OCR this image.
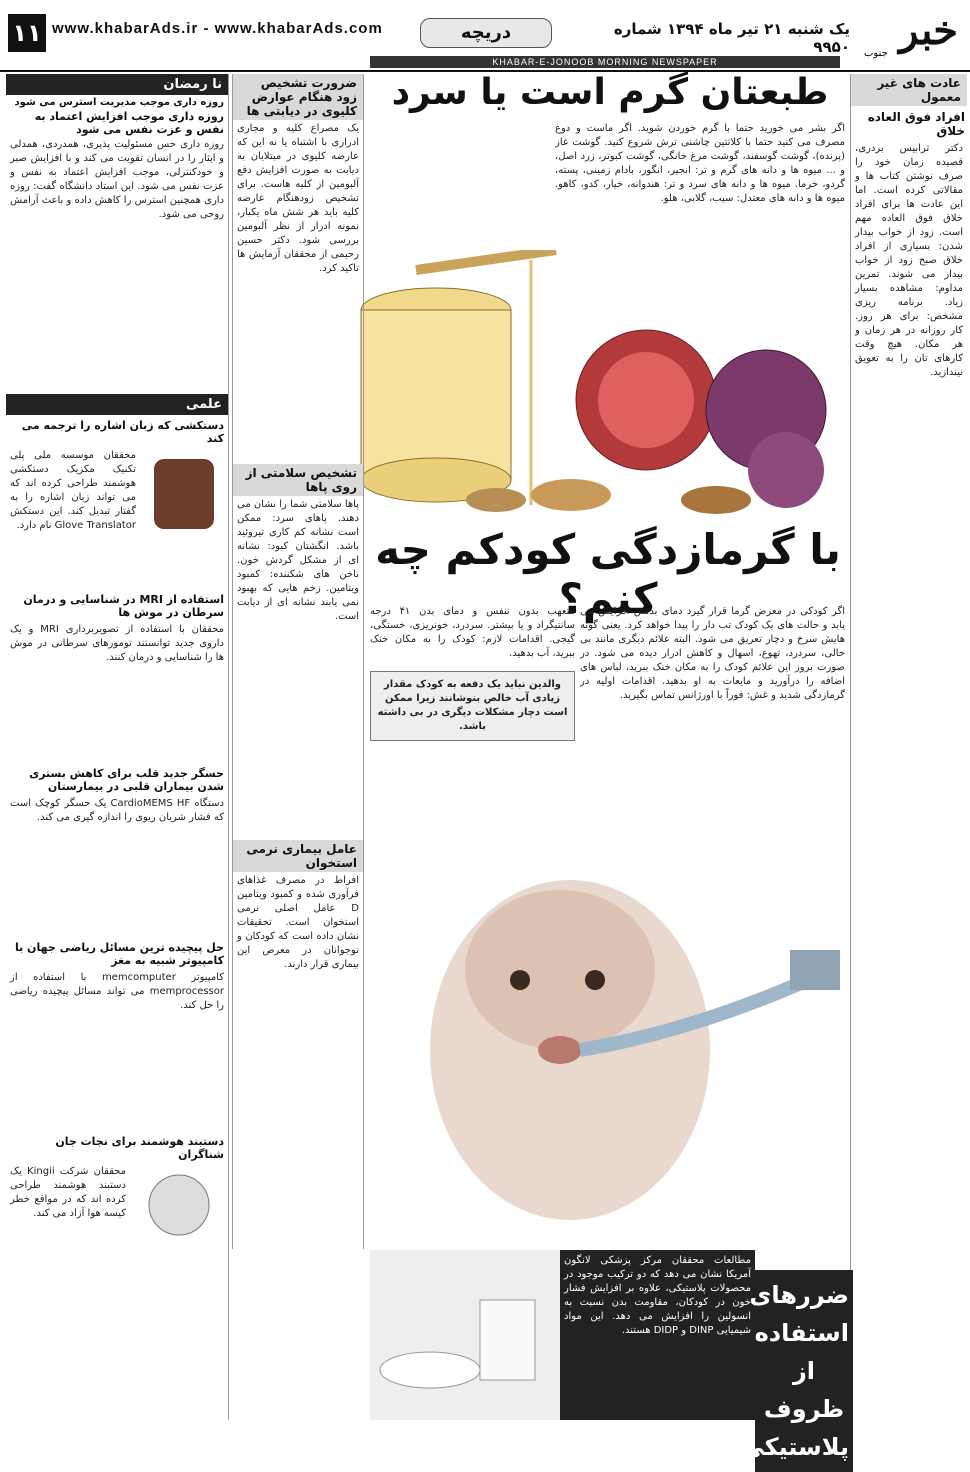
۱۱ www.khabarAds.ir - www.khabarAds.com	دریچه	یک شنبه ۲۱ تیر ماه ۱۳۹۴ شماره ۹۹۵۰ خبر
جنوب
KHABAR-E-JONOOB MORNING NEWSPAPER
عادت های غیر معمول
افراد فوق العاده خلاق
دکتر ترابیس بردری، قصیده زمان خود را صرف نوشتن کتاب ها و مقالاتی کرده است. اما این عادت ها برای افراد خلاق فوق العاده مهم است. زود از خواب بیدار شدن: بسیاری از افراد خلاق صبح زود از خواب بیدار می شوند. تمرین مداوم: مشاهده بسیار زیاد. برنامه ریزی مشخص: برای هر روز. کار روزانه در هر زمان و هر مکان. هیچ وقت کارهای تان را به تعویق نیندازید.
طبعتان گرم است یا سرد
اگر بشر می خورید حتما با گرم خوردن شوید. اگر ماست و دوغ مصرف می کنید حتما با کلاتتین چاشنی ترش شروع کنید. گوشت غاز (پرنده)، گوشت گوسفند، گوشت مرغ خانگی، گوشت کبوتر، زرد اصل، و ... میوه ها و دانه های گرم و تر: انجیر، انگور، بادام زمینی، پسته، گردو، خرما. میوه ها و دانه های سرد و تر: هندوانه، خیار، کدو، کاهو. میوه ها و دانه های معتدل: سیب، گلابی، هلو.
با گرمازدگی کودکم چه کنم؟
اگر کودکی در معرض گرما قرار گیرد دمای بدنش افزایش می یابد و حالت های یک کودک تب دار را پیدا خواهد کرد. یعنی گونه هایش سرخ و دچار تعریق می شود. البته علائم دیگری مانند بی حالی، سردرد، تهوع، اسهال و کاهش ادرار دیده می شود. در صورت بروز این علائم کودک را به مکان خنک ببرید، لباس های اضافه را درآورید و مایعات به او بدهید. اقدامات اولیه در گرمازدگی شدید و غش: فوراً با اورژانس تماس بگیرید.
متعهب بدون تنفس و دمای بدن ۴۱ درجه سانتیگراد و یا بیشتر. سردرد، خونریزی، خستگی، گیجی. اقدامات لازم: کودک را به مکان خنک ببرید، آب بدهید.
والدین نباید یک دفعه به کودک مقدار زیادی آب خالص بنوشانند زیرا ممکن است دچار مشکلات دیگری در بی داشته باشد.
ضرورت تشخیص زود هنگام عوارض کلیوی در دیابتی ها
یک مصراع کلیه و مجاری ادراری با اشتباه یا نه این که عارضه کلیوی در مبتلایان به دیابت به صورت افزایش دفع آلبومین از کلیه هاست. برای تشخیص زودهنگام عارضه کلیه باید هر شش ماه یکبار، نمونه ادرار از نظر آلبومین بررسی شود. دکتر حسین رحیمی از محققان آزمایش ها تاکید کرد.
تشخیص سلامتی از روی پاها
پاها سلامتی شما را نشان می دهند. پاهای سرد: ممکن است نشانه کم کاری تیروئید باشد. انگشتان کبود: نشانه ای از مشکل گردش خون. ناخن های شکننده: کمبود ویتامین. زخم هایی که بهبود نمی یابند نشانه ای از دیابت است.
عامل بیماری نرمی استخوان
افراط در مصرف غذاهای فرآوری شده و کمبود ویتامین D عامل اصلی نرمی استخوان است. تحقیقات نشان داده است که کودکان و نوجوانان در معرض این بیماری قرار دارند.
نا رمضان
روزه داری موجب مدیریت استرس می شود
روزه داری موجب افزایش اعتماد به نفس و عزت نفس می شود
روزه داری حس مسئولیت پذیری، همدردی، همدلی و ایثار را در انسان تقویت می کند و با افزایش صبر و خودکنترلی، موجب افزایش اعتماد به نفس و عزت نفس می شود. این استاد دانشگاه گفت: روزه داری همچنین استرس را کاهش داده و باعث آرامش روحی می شود.
علمی
دستکشی که زبان اشاره را ترجمه می کند
محققان موسسه ملی پلی تکنیک مکزیک دستکشی هوشمند طراحی کرده اند که می تواند زبان اشاره را به گفتار تبدیل کند. این دستکش Glove Translator نام دارد.
استفاده از MRI در شناسایی و درمان سرطان در موش ها
محققان با استفاده از تصویربرداری MRI و یک داروی جدید توانستند تومورهای سرطانی در موش ها را شناسایی و درمان کنند.
حسگر جدید قلب برای کاهش بستری شدن بیماران قلبی در بیمارستان
دستگاه CardioMEMS HF یک حسگر کوچک است که فشار شریان ریوی را اندازه گیری می کند.
حل پیچیده ترین مسائل ریاضی جهان با کامپیوتر شبیه به مغز
کامپیوتر memcomputer با استفاده از memprocessor می تواند مسائل پیچیده ریاضی را حل کند.
دستبند هوشمند برای نجات جان شناگران
محققان شرکت Kingii یک دستبند هوشمند طراحی کرده اند که در مواقع خطر کیسه هوا آزاد می کند.
مطالعات محققان مرکز پزشکی لانگون آمریکا نشان می دهد که دو ترکیب موجود در محصولات پلاستیکی، علاوه بر افزایش فشار خون در کودکان، مقاومت بدن نسبت به انسولین را افزایش می دهد. این مواد شیمیایی DINP و DIDP هستند.
ضررهای استفاده از ظروف پلاستیکی
